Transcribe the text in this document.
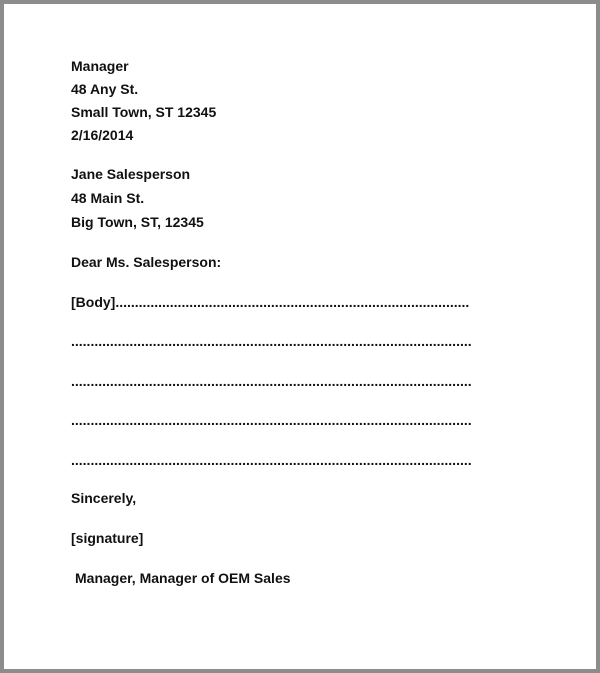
Manager
48 Any St.
Small Town, ST 12345
2/16/2014
Jane Salesperson
48 Main St.
Big Town, ST, 12345
Dear Ms. Salesperson:
[Body]...........................................................................................
.......................................................................................................
.......................................................................................................
.......................................................................................................
.......................................................................................................
Sincerely,
[signature]
Manager, Manager of OEM Sales
